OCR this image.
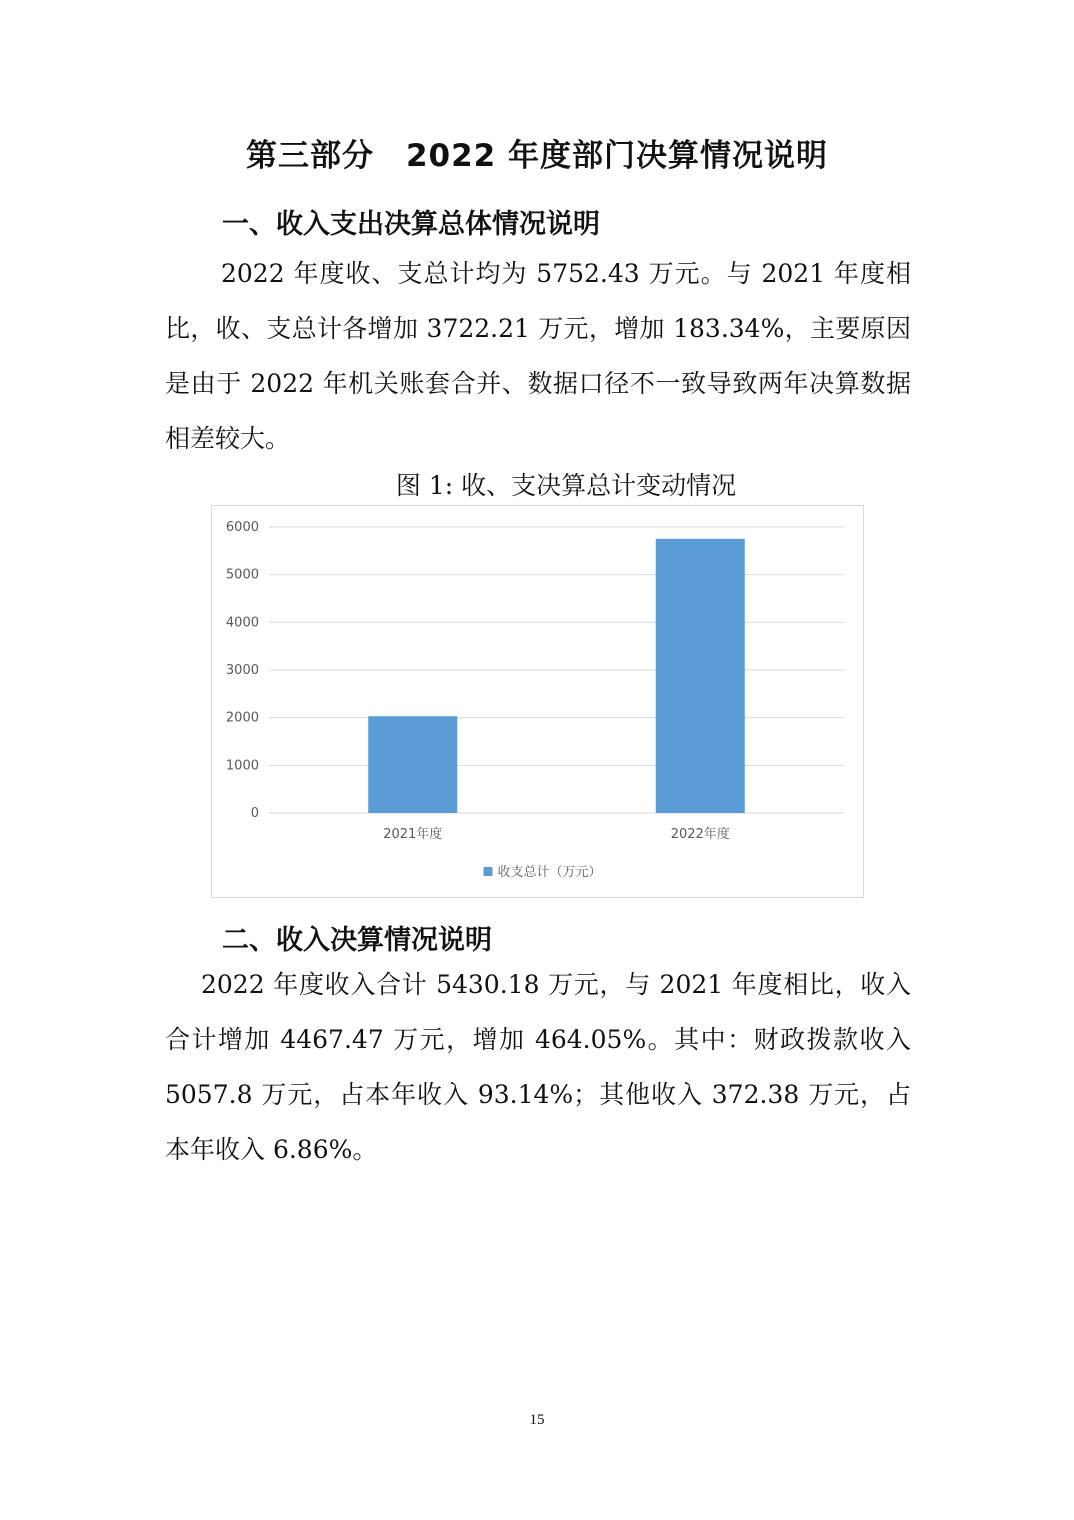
第三部分　2022 年度部门决算情况说明
一、收入支出决算总体情况说明
2022 年度收、支总计均为 5752.43 万元。与 2021 年度相比，收、支总计各增加 3722.21 万元，增加 183.34%，主要原因是由于 2022 年机关账套合并、数据口径不一致导致两年决算数据相差较大。
图 1: 收、支决算总计变动情况
0
1000
2000
3000
4000
5000
6000
2021年度	2022年度
收支总计（万元）
二、收入决算情况说明
2022 年度收入合计 5430.18 万元，与 2021 年度相比，收入合计增加 4467.47 万元，增加 464.05%。其中：财政拨款收入 5057.8 万元，占本年收入 93.14%；其他收入 372.38 万元，占本年收入 6.86%。
15
